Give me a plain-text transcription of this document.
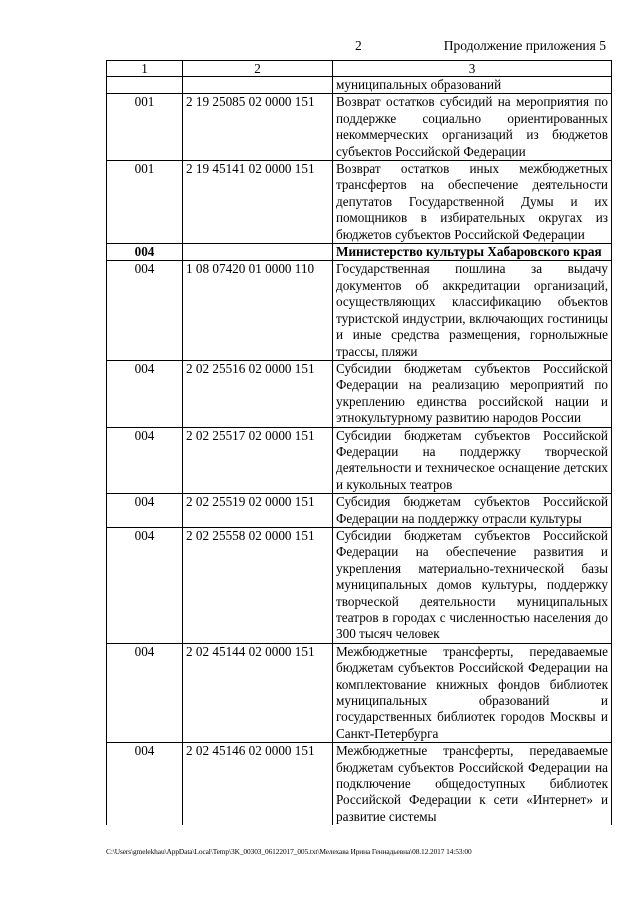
2	Продолжение приложения 5
1	2	3
		муниципальных образований
001	2 19 25085 02 0000 151	Возврат остатков субсидий на мероприятия по поддержке социально ориентированных некоммерческих организаций из бюджетов субъектов Российской Федерации
001	2 19 45141 02 0000 151	Возврат остатков иных межбюджетных трансфертов на обеспечение деятельности депутатов Государственной Думы и их помощников в избирательных округах из бюджетов субъектов Российской Федерации
004		Министерство культуры Хабаровского края
004	1 08 07420 01 0000 110	Государственная пошлина за выдачу документов об аккредитации организаций, осуществляющих классификацию объектов туристской индустрии, включающих гостиницы и иные средства размещения, горнолыжные трассы, пляжи
004	2 02 25516 02 0000 151	Субсидии бюджетам субъектов Российской Федерации на реализацию мероприятий по укреплению единства российской нации и этнокультурному развитию народов России
004	2 02 25517 02 0000 151	Субсидии бюджетам субъектов Российской Федерации на поддержку творческой деятельности и техническое оснащение детских и кукольных театров
004	2 02 25519 02 0000 151	Субсидия бюджетам субъектов Российской Федерации на поддержку отрасли культуры
004	2 02 25558 02 0000 151	Субсидии бюджетам субъектов Российской Федерации на обеспечение развития и укрепления материально-технической базы муниципальных домов культуры, поддержку творческой деятельности муниципальных театров в городах с численностью населения до 300 тысяч человек
004	2 02 45144 02 0000 151	Межбюджетные трансферты, передаваемые бюджетам субъектов Российской Федерации на комплектование книжных фондов библиотек муниципальных образований и государственных библиотек городов Москвы и Санкт-Петербурга
004	2 02 45146 02 0000 151	Межбюджетные трансферты, передаваемые бюджетам субъектов Российской Федерации на подключение общедоступных библиотек Российской Федерации к сети «Интернет» и развитие системы
C:\Users\gmelekhau\AppData\Local\Temp\3K_00303_06122017_005.txt\Мелехава Ирина Геннадьевна\08.12.2017 14:53:00
